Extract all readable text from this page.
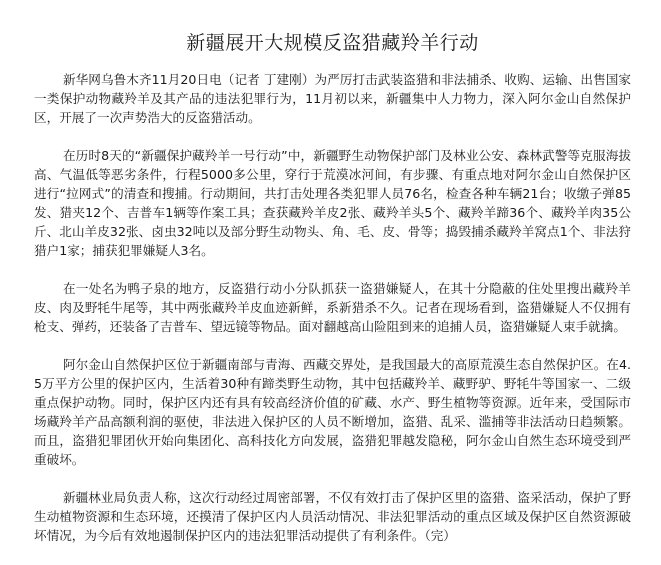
新疆展开大规模反盗猎藏羚羊行动

新华网乌鲁木齐11月20日电（记者 丁建刚）为严厉打击武装盗猎和非法捕杀、收购、运输、出售国家一类保护动物藏羚羊及其产品的违法犯罪行为，11月初以来，新疆集中人力物力，深入阿尔金山自然保护区，开展了一次声势浩大的反盗猎活动。

在历时8天的“新疆保护藏羚羊一号行动”中，新疆野生动物保护部门及林业公安、森林武警等克服海拔高、气温低等恶劣条件，行程5000多公里，穿行于荒漠冰河间，有步骤、有重点地对阿尔金山自然保护区进行“拉网式”的清查和搜捕。行动期间，共打击处理各类犯罪人员76名，检查各种车辆21台；收缴子弹85发、猎夹12个、吉普车1辆等作案工具；查获藏羚羊皮2张、藏羚羊头5个、藏羚羊蹄36个、藏羚羊肉35公斤、北山羊皮32张、卤虫32吨以及部分野生动物头、角、毛、皮、骨等；捣毁捕杀藏羚羊窝点1个、非法狩猎户1家；捕获犯罪嫌疑人3名。

在一处名为鸭子泉的地方，反盗猎行动小分队抓获一盗猎嫌疑人，在其十分隐蔽的住处里搜出藏羚羊皮、肉及野牦牛尾等，其中两张藏羚羊皮血迹新鲜，系新猎杀不久。记者在现场看到，盗猎嫌疑人不仅拥有枪支、弹药，还装备了吉普车、望远镜等物品。面对翻越高山险阻到来的追捕人员，盗猎嫌疑人束手就擒。

阿尔金山自然保护区位于新疆南部与青海、西藏交界处，是我国最大的高原荒漠生态自然保护区。在4.5万平方公里的保护区内，生活着30种有蹄类野生动物，其中包括藏羚羊、藏野驴、野牦牛等国家一、二级重点保护动物。同时，保护区内还有具有较高经济价值的矿藏、水产、野生植物等资源。近年来，受国际市场藏羚羊产品高额利润的驱使，非法进入保护区的人员不断增加，盗猎、乱采、滥捕等非法活动日趋频繁。而且，盗猎犯罪团伙开始向集团化、高科技化方向发展，盗猎犯罪越发隐秘，阿尔金山自然生态环境受到严重破坏。

新疆林业局负责人称，这次行动经过周密部署，不仅有效打击了保护区里的盗猎、盗采活动，保护了野生动植物资源和生态环境，还摸清了保护区内人员活动情况、非法犯罪活动的重点区域及保护区自然资源破坏情况，为今后有效地遏制保护区内的违法犯罪活动提供了有利条件。（完）
